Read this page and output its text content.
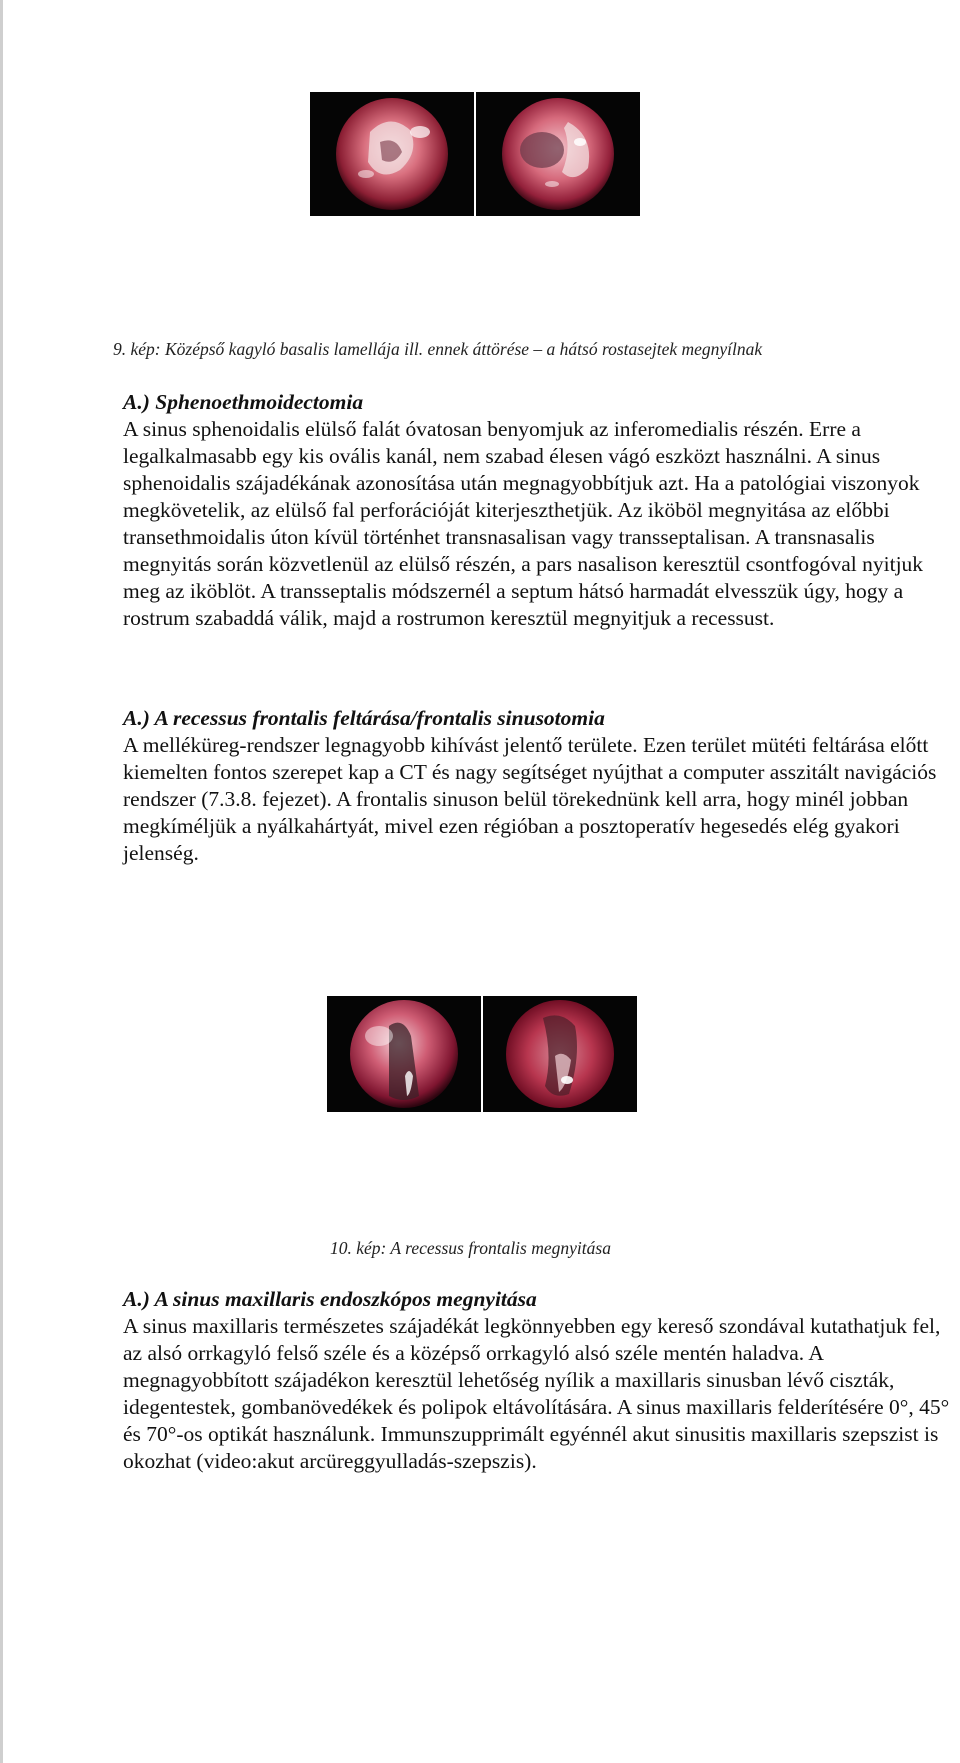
9. kép: Középső kagyló basalis lamellája ill. ennek áttörése – a hátsó rostasejtek megnyílnak
A.) Sphenoethmoidectomia

A sinus sphenoidalis elülső falát óvatosan benyomjuk az inferomedialis részén. Erre a legalkalmasabb egy kis ovális kanál, nem szabad élesen vágó eszközt használni. A sinus sphenoidalis szájadékának azonosítása után megnagyobbítjuk azt. Ha a patológiai viszonyok megkövetelik, az elülső fal perforációját kiterjeszthetjük. Az iköböl megnyitása az előbbi transethmoidalis úton kívül történhet transnasalisan vagy transseptalisan. A transnasalis megnyitás során közvetlenül az elülső részén, a pars nasalison keresztül csontfogóval nyitjuk meg az iköblöt. A transseptalis módszernél a septum hátsó harmadát elvesszük úgy, hogy a rostrum szabaddá válik, majd a rostrumon keresztül megnyitjuk a recessust.

A.) A recessus frontalis feltárása/frontalis sinusotomia

A melléküreg-rendszer legnagyobb kihívást jelentő területe. Ezen terület mütéti feltárása előtt kiemelten fontos szerepet kap a CT és nagy segítséget nyújthat a computer asszitált navigációs rendszer (7.3.8. fejezet). A frontalis sinuson belül törekednünk kell arra, hogy minél jobban megkíméljük a nyálkahártyát, mivel ezen régióban a posztoperatív hegesedés elég gyakori jelenség.

10. kép: A recessus frontalis megnyitása
A.) A sinus maxillaris endoszkópos megnyitása

A sinus maxillaris természetes szájadékát legkönnyebben egy kereső szondával kutathatjuk fel, az alsó orrkagyló felső széle és a középső orrkagyló alsó széle mentén haladva. A megnagyobbított szájadékon keresztül lehetőség nyílik a maxillaris sinusban lévő ciszták, idegentestek, gombanövedékek és polipok eltávolítására. A sinus maxillaris felderítésére 0°, 45° és 70°-os optikát használunk. Immunszupprimált egyénnél akut sinusitis maxillaris szepszist is okozhat (video:akut arcüreggyulladás-szepszis).
